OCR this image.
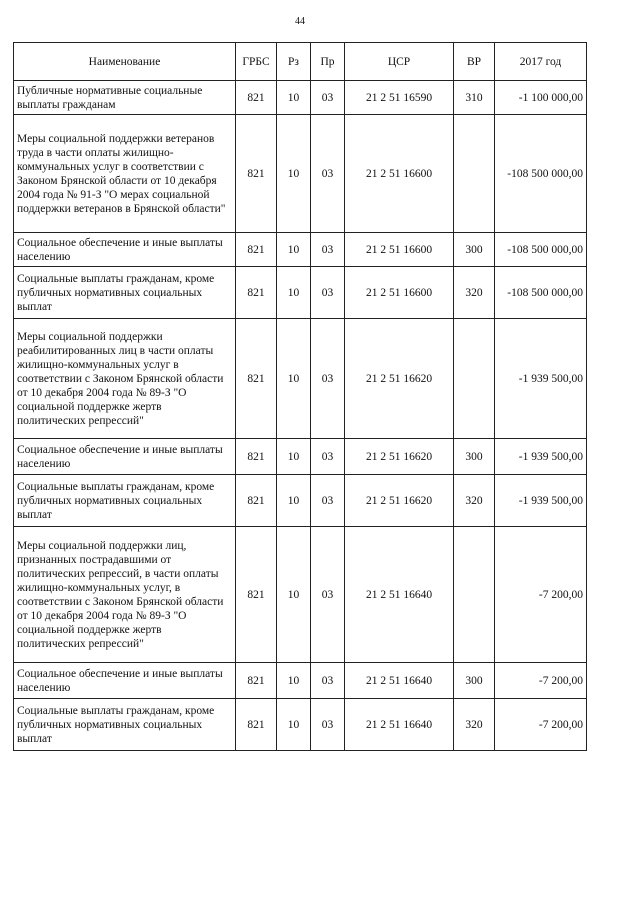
44
Наименование	ГРБС	Рз	Пр	ЦСР	ВР	2017 год
Публичные нормативные социальные выплаты гражданам	821	10	03	21 2 51 16590	310	-1 100 000,00
Меры социальной поддержки ветеранов труда в части оплаты жилищно-коммунальных услуг в соответствии с Законом Брянской области от 10 декабря 2004 года № 91-З "О мерах социальной поддержки ветеранов в Брянской области"	821	10	03	21 2 51 16600		-108 500 000,00
Социальное обеспечение и иные выплаты населению	821	10	03	21 2 51 16600	300	-108 500 000,00
Социальные выплаты гражданам, кроме публичных нормативных социальных выплат	821	10	03	21 2 51 16600	320	-108 500 000,00
Меры социальной поддержки реабилитированных лиц в части оплаты жилищно-коммунальных услуг в соответствии с Законом Брянской области от 10 декабря 2004 года № 89-З "О социальной поддержке жертв политических репрессий"	821	10	03	21 2 51 16620		-1 939 500,00
Социальное обеспечение и иные выплаты населению	821	10	03	21 2 51 16620	300	-1 939 500,00
Социальные выплаты гражданам, кроме публичных нормативных социальных выплат	821	10	03	21 2 51 16620	320	-1 939 500,00
Меры социальной поддержки лиц, признанных пострадавшими от политических репрессий, в части оплаты жилищно-коммунальных услуг, в соответствии с Законом Брянской области от 10 декабря 2004 года № 89-З "О социальной поддержке жертв политических репрессий"	821	10	03	21 2 51 16640		-7 200,00
Социальное обеспечение и иные выплаты населению	821	10	03	21 2 51 16640	300	-7 200,00
Социальные выплаты гражданам, кроме публичных нормативных социальных выплат	821	10	03	21 2 51 16640	320	-7 200,00
